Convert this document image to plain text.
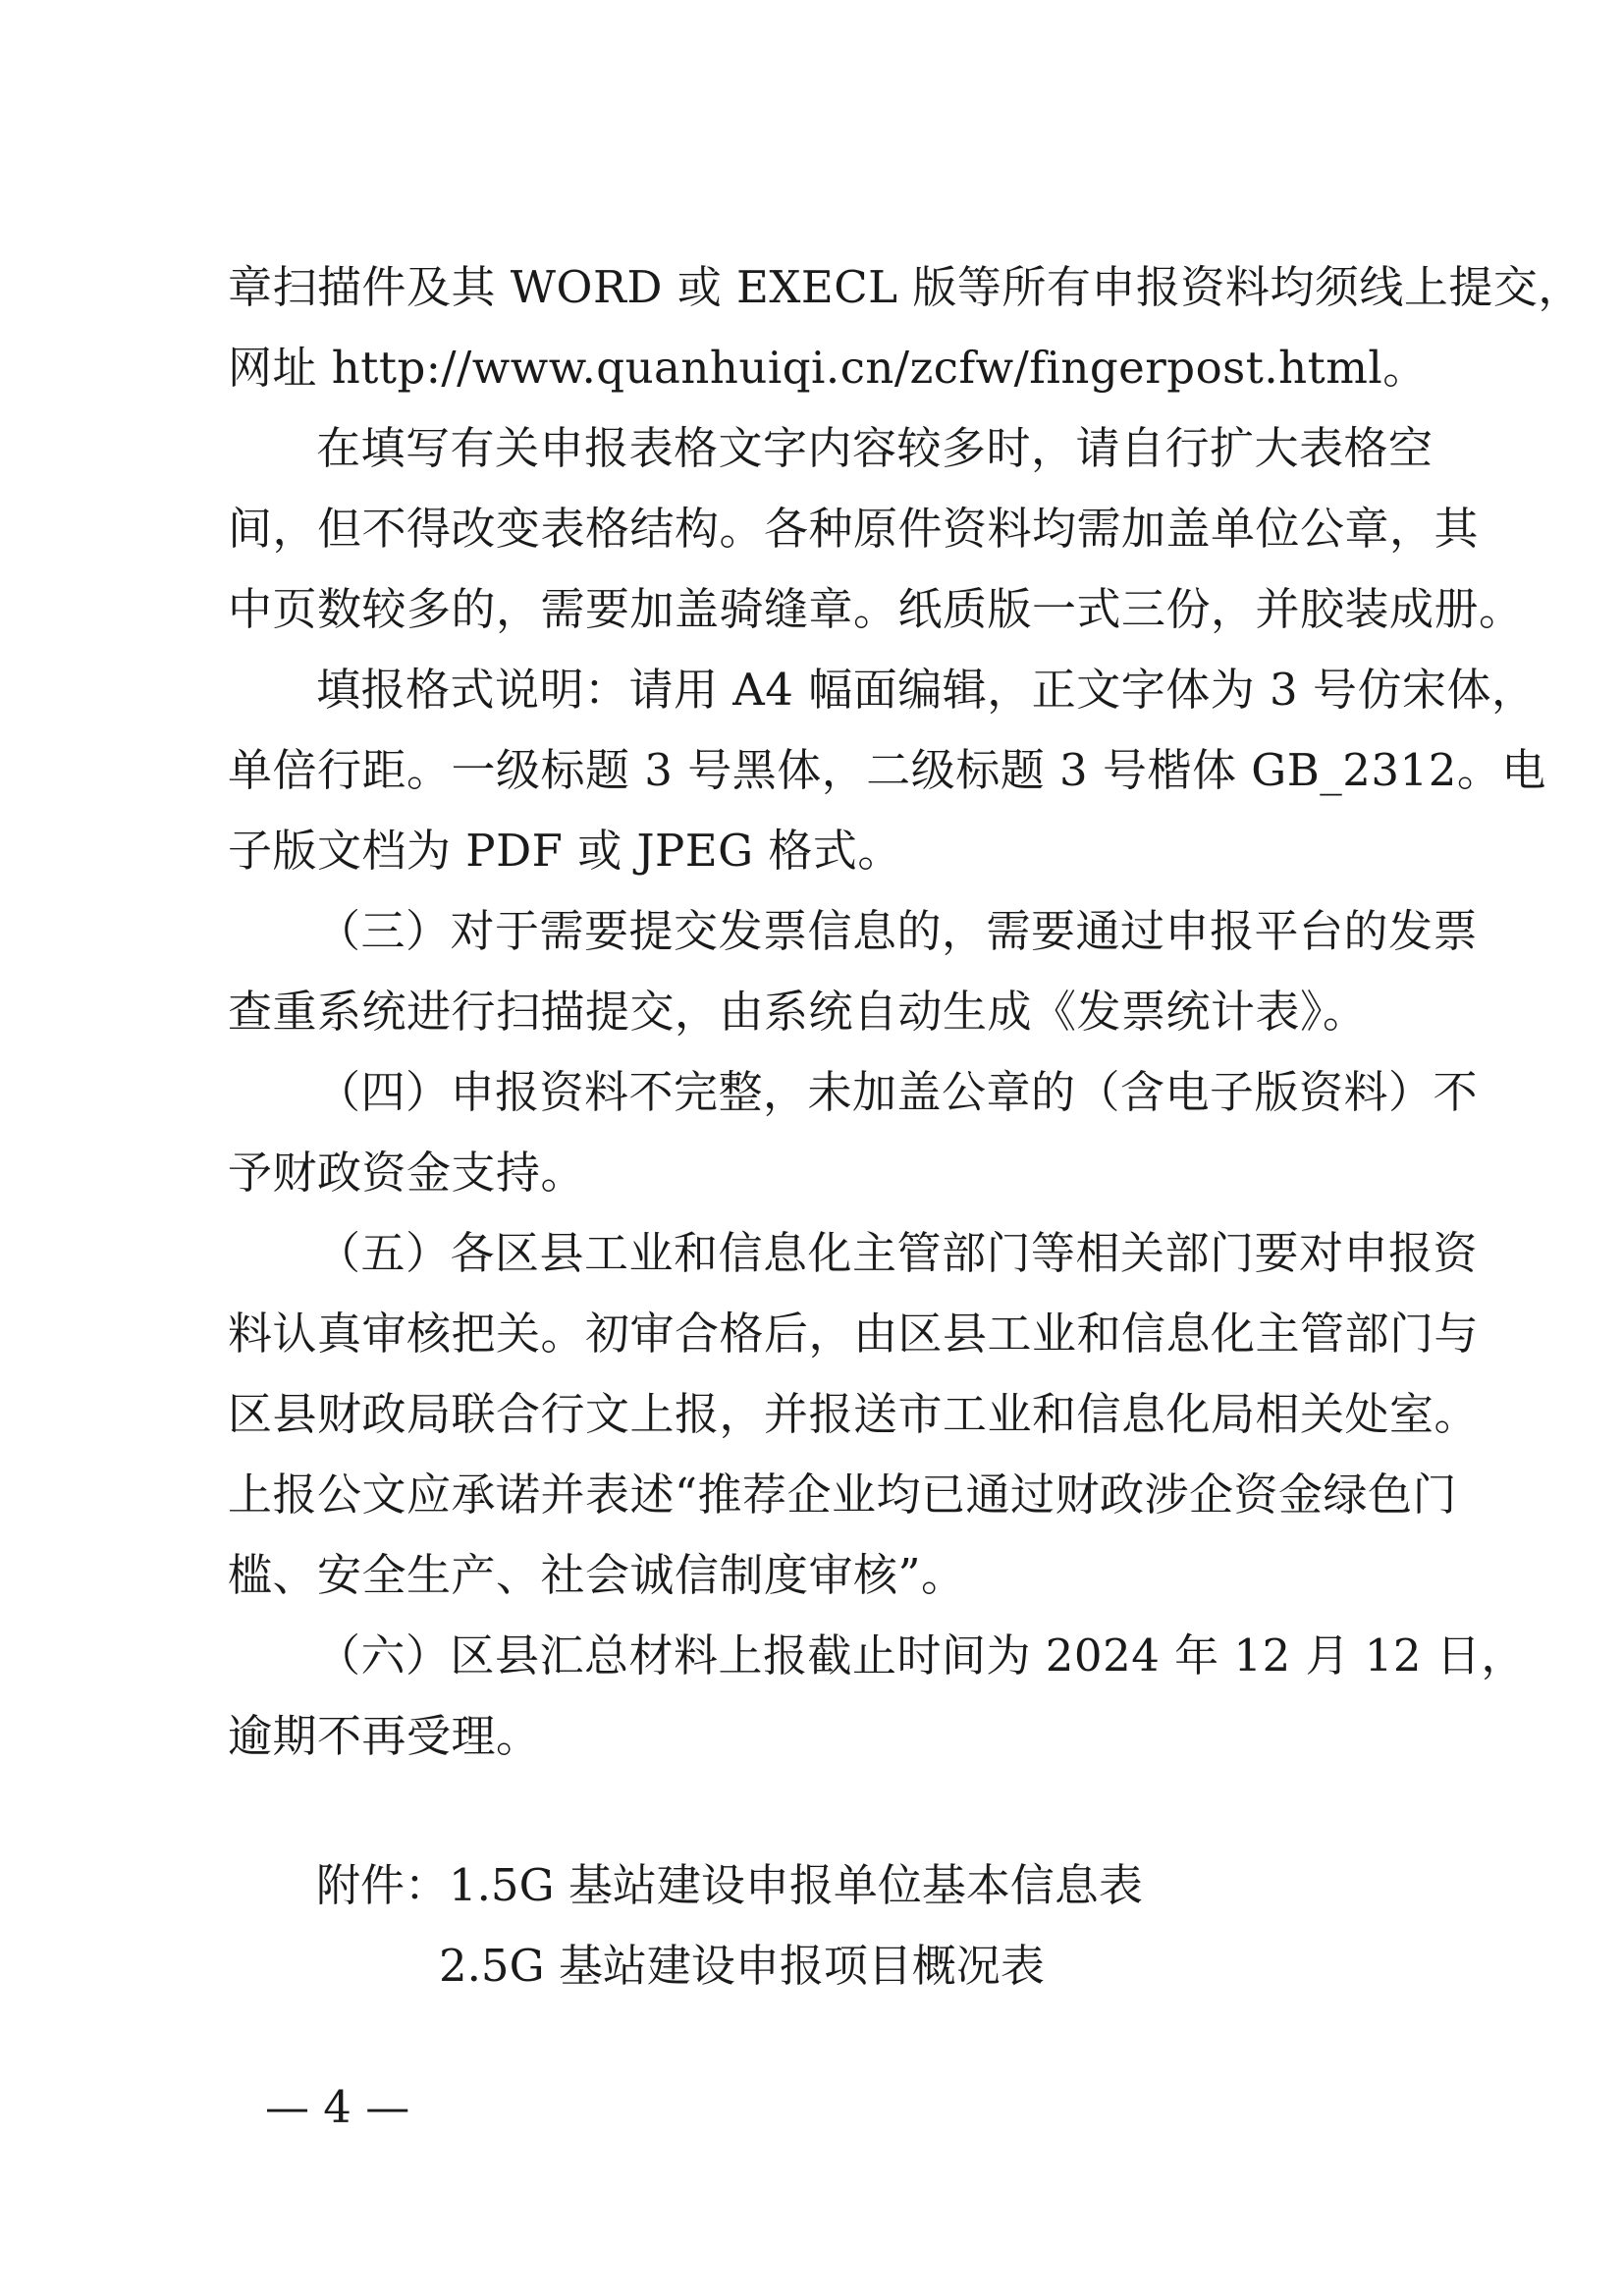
章扫描件及其 WORD 或 EXECL 版等所有申报资料均须线上提交，
网址 http://www.quanhuiqi.cn/zcfw/fingerpost.html。
在填写有关申报表格文字内容较多时，请自行扩大表格空
间，但不得改变表格结构。各种原件资料均需加盖单位公章，其
中页数较多的，需要加盖骑缝章。纸质版一式三份，并胶装成册。
填报格式说明：请用 A4 幅面编辑，正文字体为 3 号仿宋体，
单倍行距。一级标题 3 号黑体，二级标题 3 号楷体 GB_2312。电
子版文档为 PDF 或 JPEG 格式。
（三）对于需要提交发票信息的，需要通过申报平台的发票
查重系统进行扫描提交，由系统自动生成《发票统计表》。
（四）申报资料不完整，未加盖公章的（含电子版资料）不
予财政资金支持。
（五）各区县工业和信息化主管部门等相关部门要对申报资
料认真审核把关。初审合格后，由区县工业和信息化主管部门与
区县财政局联合行文上报，并报送市工业和信息化局相关处室。
上报公文应承诺并表述“推荐企业均已通过财政涉企资金绿色门
槛、安全生产、社会诚信制度审核”。
（六）区县汇总材料上报截止时间为 2024 年 12 月 12 日，
逾期不再受理。
附件：1.5G 基站建设申报单位基本信息表
2.5G 基站建设申报项目概况表
— 4 —
